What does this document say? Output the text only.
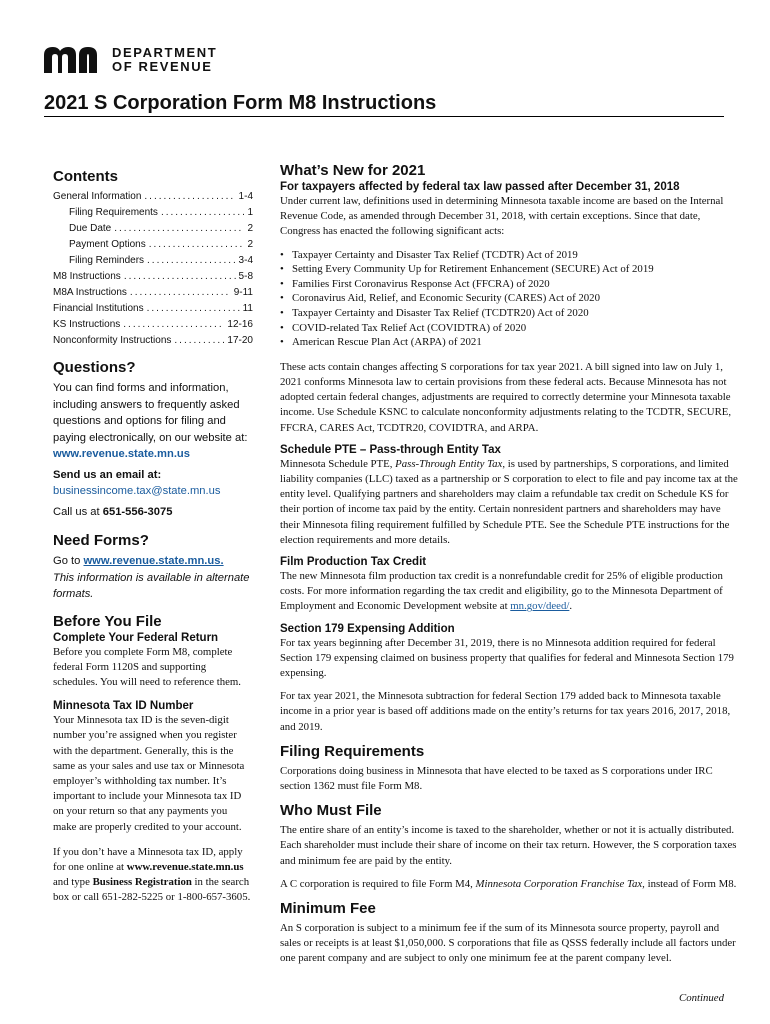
DEPARTMENT
OF REVENUE
2021 S Corporation Form M8 Instructions
Contents
General Information .....	1-4
Filing Requirements .....	1
Due Date .....	2
Payment Options .....	2
Filing Reminders .....	3-4
M8 Instructions .....	5-8
M8A Instructions .....	9-11
Financial Institutions .....	11
KS Instructions .....	12-16
Nonconformity Instructions .....	17-20
Questions?

You can find forms and information, including answers to frequently asked questions and options for filing and paying electronically, on our website at:

www.revenue.state.mn.us

Send us an email at:

businessincome.tax@state.mn.us

Call us at 651-556-3075

Need Forms?

Go to www.revenue.state.mn.us.

This information is available in alternate formats.

Before You File
Complete Your Federal Return

Before you complete Form M8, complete federal Form 1120S and supporting schedules. You will need to reference them.

Minnesota Tax ID Number

Your Minnesota tax ID is the seven-digit number you’re assigned when you register with the department. Generally, this is the same as your sales and use tax or Minnesota employer’s withholding tax number. It’s important to include your Minnesota tax ID on your return so that any payments you make are properly credited to your account.

If you don’t have a Minnesota tax ID, apply for one online at www.revenue.state.mn.us and type Business Registration in the search box or call 651-282-5225 or 1-800-657-3605.

What’s New for 2021
For taxpayers affected by federal tax law passed after December 31, 2018

Under current law, definitions used in determining Minnesota taxable income are based on the Internal Revenue Code, as amended through December 31, 2018, with certain exceptions. Since that date, Congress has enacted the following significant acts:

• Taxpayer Certainty and Disaster Tax Relief (TCDTR) Act of 2019
• Setting Every Community Up for Retirement Enhancement (SECURE) Act of 2019
• Families First Coronavirus Response Act (FFCRA) of 2020
• Coronavirus Aid, Relief, and Economic Security (CARES) Act of 2020
• Taxpayer Certainty and Disaster Tax Relief (TCDTR20) Act of 2020
• COVID-related Tax Relief Act (COVIDTRA) of 2020
• American Rescue Plan Act (ARPA) of 2021

These acts contain changes affecting S corporations for tax year 2021. A bill signed into law on July 1, 2021 conforms Minnesota law to certain provisions from these federal acts. Because Minnesota has not adopted certain federal changes, adjustments are required to correctly determine your Minnesota taxable income. Use Schedule KSNC to calculate nonconformity adjustments relating to the TCDTR, SECURE, FFCRA, CARES Act, TCDTR20, COVIDTRA, and ARPA.

Schedule PTE – Pass-through Entity Tax

Minnesota Schedule PTE, Pass-Through Entity Tax, is used by partnerships, S corporations, and limited liability companies (LLC) taxed as a partnership or S corporation to elect to file and pay income tax at the entity level. Qualifying partners and shareholders may claim a refundable tax credit on Schedule KS for their portion of income tax paid by the entity. Certain nonresident partners and shareholders may have their Minnesota filing requirement fulfilled by Schedule PTE. See the Schedule PTE instructions for the election requirements and more details.

Film Production Tax Credit

The new Minnesota film production tax credit is a nonrefundable credit for 25% of eligible production costs. For more information regarding the tax credit and eligibility, go to the Minnesota Department of Employment and Economic Development website at mn.gov/deed/.

Section 179 Expensing Addition

For tax years beginning after December 31, 2019, there is no Minnesota addition required for federal Section 179 expensing claimed on business property that qualifies for federal and Minnesota Section 179 expensing.

For tax year 2021, the Minnesota subtraction for federal Section 179 added back to Minnesota taxable income in a prior year is based off additions made on the entity’s returns for tax years 2016, 2017, 2018, and 2019.

Filing Requirements

Corporations doing business in Minnesota that have elected to be taxed as S corporations under IRC section 1362 must file Form M8.

Who Must File

The entire share of an entity’s income is taxed to the shareholder, whether or not it is actually distributed. Each shareholder must include their share of income on their tax return. However, the S corporation taxes and minimum fee are paid by the entity.

A C corporation is required to file Form M4, Minnesota Corporation Franchise Tax, instead of Form M8.

Minimum Fee

An S corporation is subject to a minimum fee if the sum of its Minnesota source property, payroll and sales or receipts is at least $1,050,000. S corporations that file as QSSS federally include all factors under one parent company and are subject to only one minimum fee at the parent company level.

Continued
